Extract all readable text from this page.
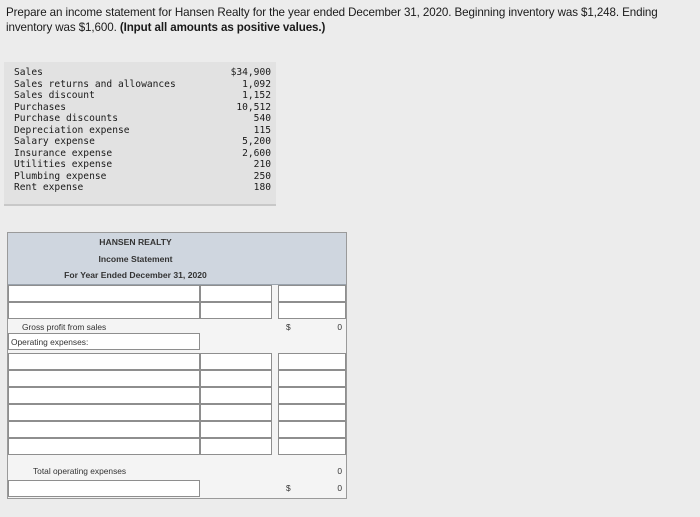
Prepare an income statement for Hansen Realty for the year ended December 31, 2020. Beginning inventory was $1,248. Ending inventory was $1,600. (Input all amounts as positive values.)
Sales	$34,900
Sales returns and allowances	1,092
Sales discount	1,152
Purchases	10,512
Purchase discounts	540
Depreciation expense	115
Salary expense	5,200
Insurance expense	2,600
Utilities expense	210
Plumbing expense	250
Rent expense	180
HANSEN REALTY
Income Statement
For Year Ended December 31, 2020
Gross profit from sales	$	0
Operating expenses:
Total operating expenses	0
$	0
